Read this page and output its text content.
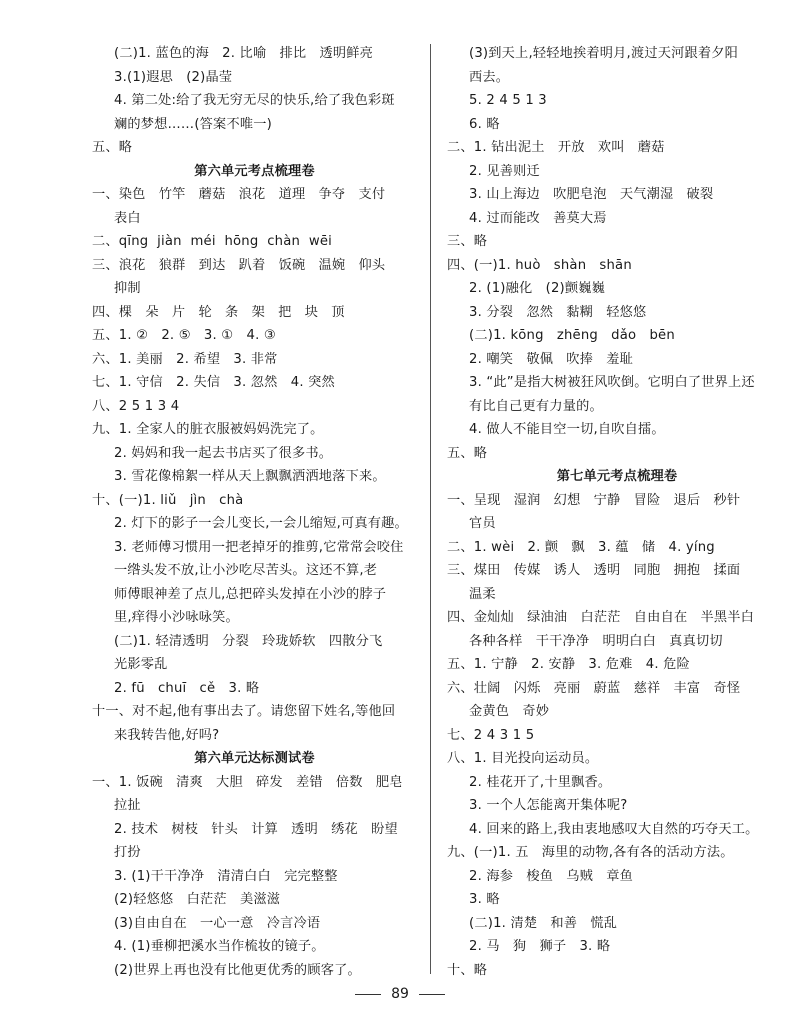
(二)1. 蓝色的海   2. 比喻   排比   透明鲜亮
3.(1)遐思   (2)晶莹
4. 第二处:给了我无穷无尽的快乐,给了我色彩斑
斓的梦想……(答案不唯一)
五、略
第六单元考点梳理卷
一、染色   竹竿   蘑菇   浪花   道理   争夺   支付
表白
二、qīng  jiàn  méi  hōng  chàn  wēi
三、浪花   狼群   到达   趴着   饭碗   温婉   仰头
抑制
四、棵   朵   片   轮   条   架   把   块   顶
五、1. ②   2. ⑤   3. ①   4. ③
六、1. 美丽   2. 希望   3. 非常
七、1. 守信   2. 失信   3. 忽然   4. 突然
八、2 5 1 3 4
九、1. 全家人的脏衣服被妈妈洗完了。
2. 妈妈和我一起去书店买了很多书。
3. 雪花像棉絮一样从天上飘飘洒洒地落下来。
十、(一)1. liǔ   jìn   chà
2. 灯下的影子一会儿变长,一会儿缩短,可真有趣。
3. 老师傅习惯用一把老掉牙的推剪,它常常会咬住
一绺头发不放,让小沙吃尽苦头。这还不算,老
师傅眼神差了点儿,总把碎头发掉在小沙的脖子
里,痒得小沙咏咏笑。
(二)1. 轻清透明   分裂   玲珑娇软   四散分飞
光影零乱
2. fū   chuī   cě   3. 略
十一、对不起,他有事出去了。请您留下姓名,等他回
来我转告他,好吗?
第六单元达标测试卷
一、1. 饭碗   清爽   大胆   碎发   差错   倍数   肥皂
拉扯
2. 技术   树枝   针头   计算   透明   绣花   盼望
打扮
3. (1)干干净净   清清白白   完完整整
(2)轻悠悠   白茫茫   美滋滋
(3)自由自在   一心一意   冷言冷语
4. (1)垂柳把溪水当作梳妆的镜子。
(2)世界上再也没有比他更优秀的顾客了。
(3)到天上,轻轻地挨着明月,渡过天河跟着夕阳
西去。
5. 2 4 5 1 3
6. 略
二、1. 钻出泥土   开放   欢叫   蘑菇
2. 见善则迁
3. 山上海边   吹肥皂泡   天气潮湿   破裂
4. 过而能改   善莫大焉
三、略
四、(一)1. huò   shàn   shān
2. (1)融化   (2)颤巍巍
3. 分裂   忽然   黏糊   轻悠悠
(二)1. kōng   zhēng   dǎo   bēn
2. 嘲笑   敬佩   吹捧   羞耻
3. “此”是指大树被狂风吹倒。它明白了世界上还
有比自己更有力量的。
4. 做人不能目空一切,自吹自擂。
五、略
第七单元考点梳理卷
一、呈现   湿润   幻想   宁静   冒险   退后   秒针
官员
二、1. wèi   2. 颤   飘   3. 蕴   储   4. yíng
三、煤田   传媒   诱人   透明   同胞   拥抱   揉面
温柔
四、金灿灿   绿油油   白茫茫   自由自在   半黑半白
各种各样   干干净净   明明白白   真真切切
五、1. 宁静   2. 安静   3. 危难   4. 危险
六、壮阔   闪烁   亮丽   蔚蓝   慈祥   丰富   奇怪
金黄色   奇妙
七、2 4 3 1 5
八、1. 目光投向运动员。
2. 桂花开了,十里飘香。
3. 一个人怎能离开集体呢?
4. 回来的路上,我由衷地感叹大自然的巧夺天工。
九、(一)1. 五   海里的动物,各有各的活动方法。
2. 海参   梭鱼   乌贼   章鱼
3. 略
(二)1. 清楚   和善   慌乱
2. 马   狗   狮子   3. 略
十、略
89
